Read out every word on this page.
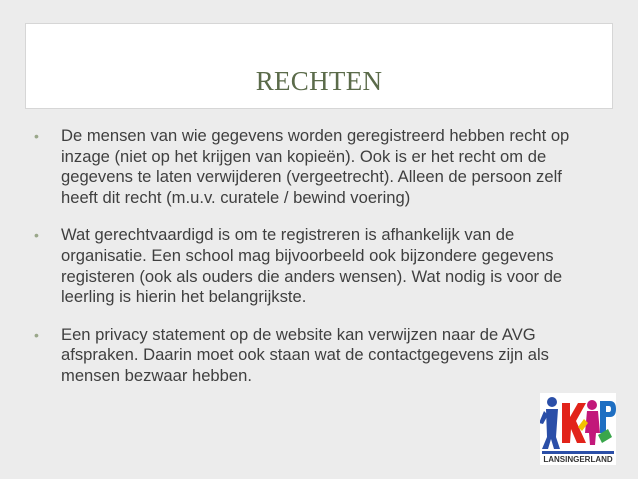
RECHTEN
• De mensen van wie gegevens worden geregistreerd hebben recht op inzage (niet op het krijgen van kopieën). Ook is er het recht om de gegevens te laten verwijderen (vergeetrecht). Alleen de persoon zelf heeft dit recht (m.u.v. curatele / bewind voering)
• Wat gerechtvaardigd is om te registreren is afhankelijk van de organisatie. Een school mag bijvoorbeeld ook bijzondere gegevens registeren (ook als ouders die anders wensen). Wat nodig is voor de leerling is hierin het belangrijkste.
• Een privacy statement op de website kan verwijzen naar de AVG afspraken. Daarin moet ook staan wat de contactgegevens zijn als mensen bezwaar hebben.
LANSINGERLAND
